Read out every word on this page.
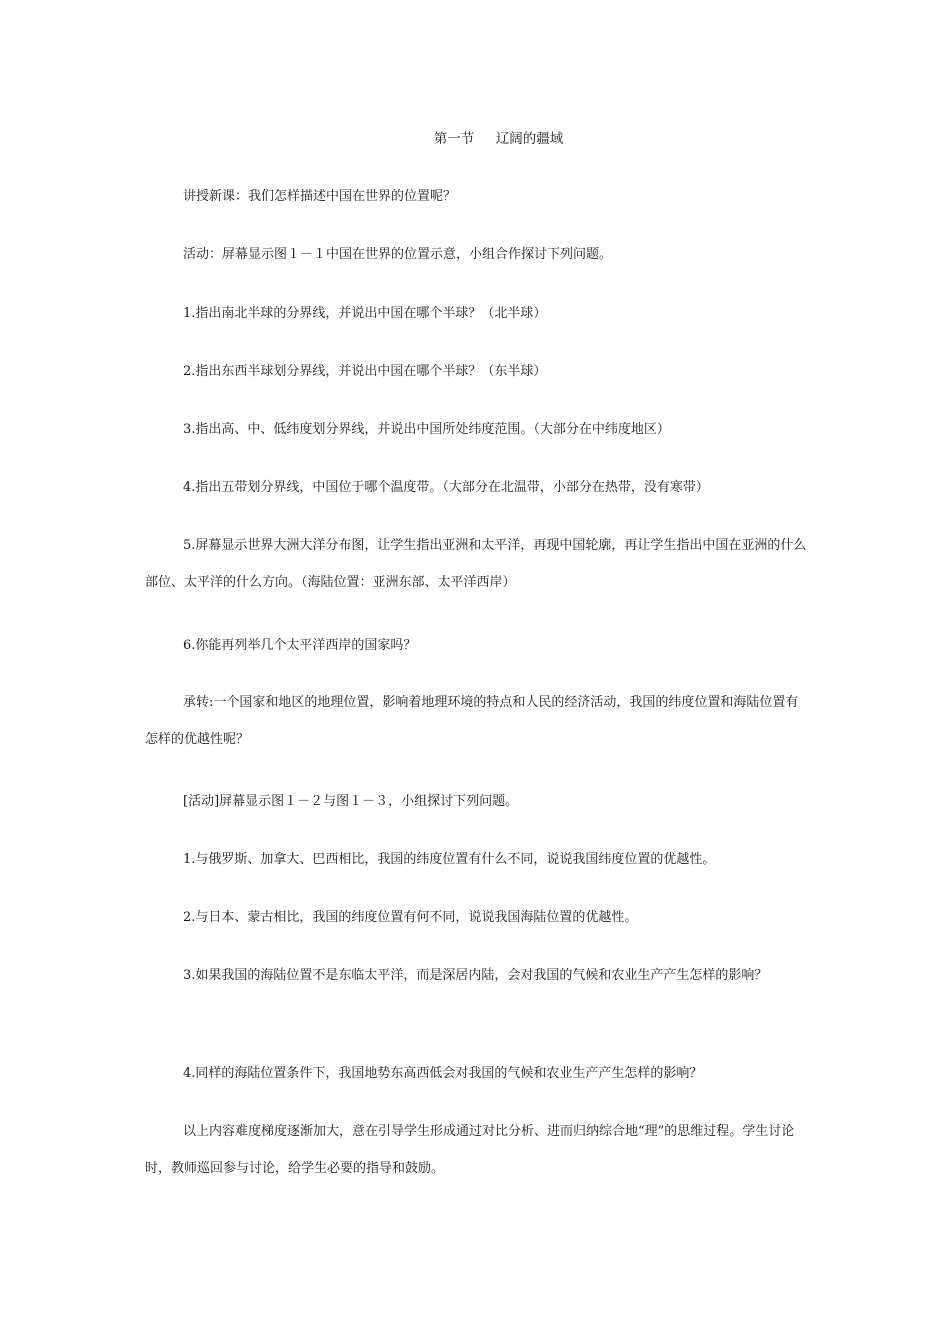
第一节     辽阔的疆域

讲授新课：我们怎样描述中国在世界的位置呢？

活动：屏幕显示图１－１中国在世界的位置示意，小组合作探讨下列问题。

1.指出南北半球的分界线，并说出中国在哪个半球？（北半球）

2.指出东西半球划分界线，并说出中国在哪个半球？（东半球）

3.指出高、中、低纬度划分界线，并说出中国所处纬度范围。（大部分在中纬度地区）

4.指出五带划分界线，中国位于哪个温度带。（大部分在北温带，小部分在热带，没有寒带）

5.屏幕显示世界大洲大洋分布图，让学生指出亚洲和太平洋，再现中国轮廓，再让学生指出中国在亚洲的什么部位、太平洋的什么方向。（海陆位置：亚洲东部、太平洋西岸）

6.你能再列举几个太平洋西岸的国家吗？

承转:一个国家和地区的地理位置，影响着地理环境的特点和人民的经济活动，我国的纬度位置和海陆位置有怎样的优越性呢？

[活动]屏幕显示图１－２与图１－３，小组探讨下列问题。

1.与俄罗斯、加拿大、巴西相比，我国的纬度位置有什么不同，说说我国纬度位置的优越性。

2.与日本、蒙古相比，我国的纬度位置有何不同，说说我国海陆位置的优越性。

3.如果我国的海陆位置不是东临太平洋，而是深居内陆，会对我国的气候和农业生产产生怎样的影响？

4.同样的海陆位置条件下，我国地势东高西低会对我国的气候和农业生产产生怎样的影响？

以上内容难度梯度逐渐加大，意在引导学生形成通过对比分析、进而归纳综合地“理”的思维过程。学生讨论时，教师巡回参与讨论，给学生必要的指导和鼓励。
